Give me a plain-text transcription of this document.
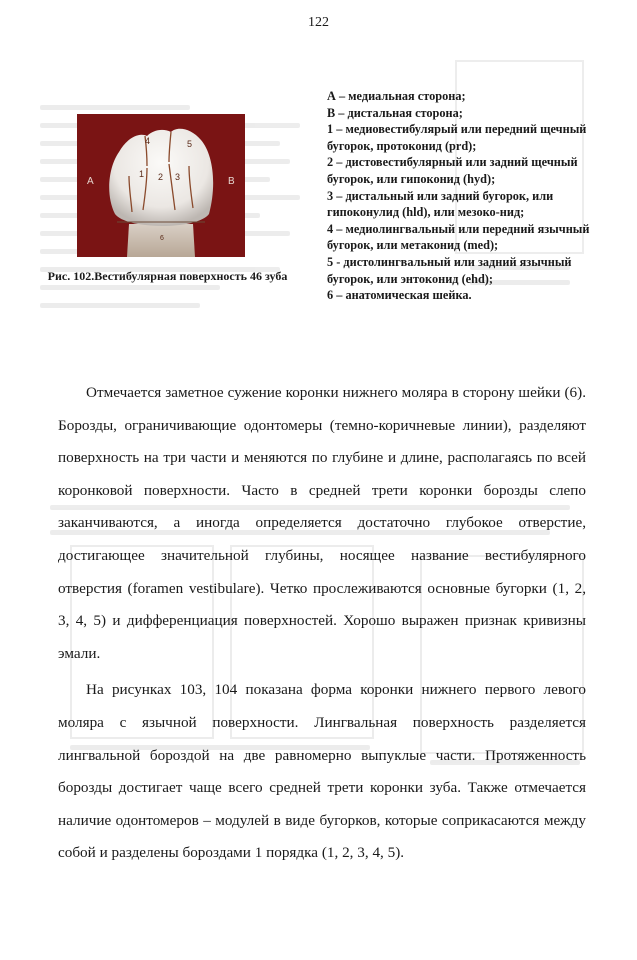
122
4	5
1 2 3
6
A	B
Рис. 102.Вестибулярная поверхность 46 зуба
А – медиальная сторона;
В – дистальная сторона;
1 – медиовестибулярый или передний щечный бугорок, протоконид (prd);
2 – дистовестибулярный или задний щечный бугорок, или гипоконид (hyd);
3 – дистальный или задний бугорок, или гипоконулид (hld), или мезоко-нид;
4 – медиолингвальный или передний язычный бугорок, или метаконид (med);
5 - дистолингвальный или задний язычный бугорок, или энтоконид (ehd);
6 – анатомическая шейка.

Отмечается заметное сужение коронки нижнего моляра в сторону шейки (6). Борозды, ограничивающие одонтомеры (темно-коричневые линии), разделяют поверхность на три части и меняются по глубине и длине, располагаясь по всей коронковой поверхности. Часто в средней трети коронки борозды слепо заканчиваются, а иногда определяется достаточно глубокое отверстие, достигающее значительной глубины, носящее название вестибулярного отверстия (foramen vestibulare). Четко прослеживаются основные бугорки (1, 2, 3, 4, 5) и дифференциация поверхностей. Хорошо выражен признак кривизны эмали.

На рисунках 103, 104 показана форма коронки нижнего первого левого моляра с язычной поверхности. Лингвальная поверхность разделяется лингвальной бороздой на две равномерно выпуклые части. Протяженность борозды достигает чаще всего средней трети коронки зуба. Также отмечается наличие одонтомеров – модулей в виде бугорков, которые соприкасаются между собой и разделены бороздами 1 порядка (1, 2, 3, 4, 5).
